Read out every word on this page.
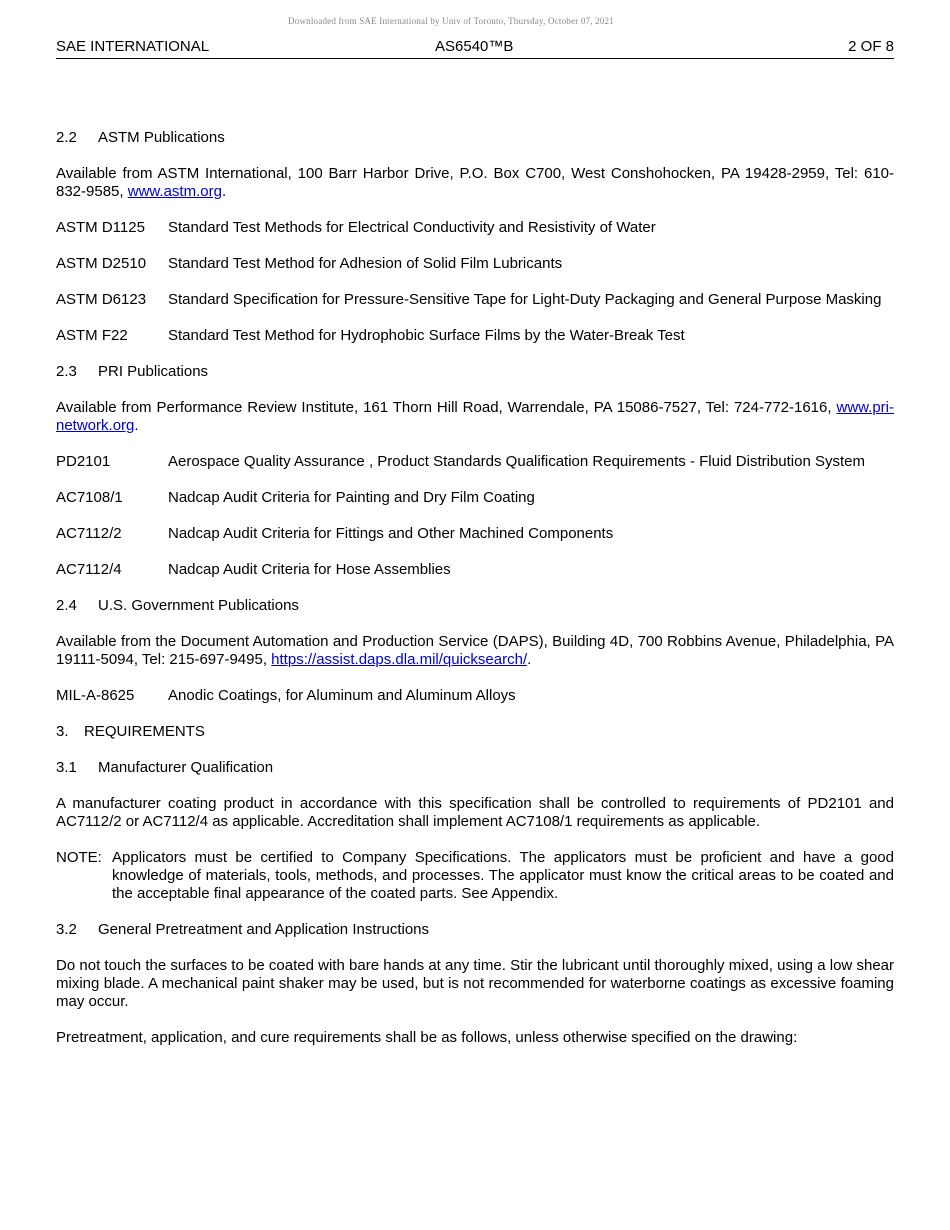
Downloaded from SAE International by Univ of Toronto, Thursday, October 07, 2021
SAE INTERNATIONAL	AS6540™B	2 OF 8
2.2 ASTM Publications

Available from ASTM International, 100 Barr Harbor Drive, P.O. Box C700, West Conshohocken, PA 19428-2959, Tel: 610-832-9585, www.astm.org.

ASTM D1125	Standard Test Methods for Electrical Conductivity and Resistivity of Water
ASTM D2510	Standard Test Method for Adhesion of Solid Film Lubricants
ASTM D6123	Standard Specification for Pressure-Sensitive Tape for Light-Duty Packaging and General Purpose Masking
ASTM F22	Standard Test Method for Hydrophobic Surface Films by the Water-Break Test
2.3 PRI Publications

Available from Performance Review Institute, 161 Thorn Hill Road, Warrendale, PA 15086-7527, Tel: 724-772-1616, www.pri-network.org.

PD2101	Aerospace Quality Assurance , Product Standards Qualification Requirements - Fluid Distribution System
AC7108/1	Nadcap Audit Criteria for Painting and Dry Film Coating
AC7112/2	Nadcap Audit Criteria for Fittings and Other Machined Components
AC7112/4	Nadcap Audit Criteria for Hose Assemblies
2.4 U.S. Government Publications

Available from the Document Automation and Production Service (DAPS), Building 4D, 700 Robbins Avenue, Philadelphia, PA 19111-5094, Tel: 215-697-9495, https://assist.daps.dla.mil/quicksearch/.

MIL-A-8625	Anodic Coatings, for Aluminum and Aluminum Alloys
3. REQUIREMENTS
3.1 Manufacturer Qualification

A manufacturer coating product in accordance with this specification shall be controlled to requirements of PD2101 and AC7112/2 or AC7112/4 as applicable. Accreditation shall implement AC7108/1 requirements as applicable.

NOTE: Applicators must be certified to Company Specifications. The applicators must be proficient and have a good knowledge of materials, tools, methods, and processes. The applicator must know the critical areas to be coated and the acceptable final appearance of the coated parts. See Appendix.
3.2 General Pretreatment and Application Instructions

Do not touch the surfaces to be coated with bare hands at any time. Stir the lubricant until thoroughly mixed, using a low shear mixing blade. A mechanical paint shaker may be used, but is not recommended for waterborne coatings as excessive foaming may occur.

Pretreatment, application, and cure requirements shall be as follows, unless otherwise specified on the drawing:
